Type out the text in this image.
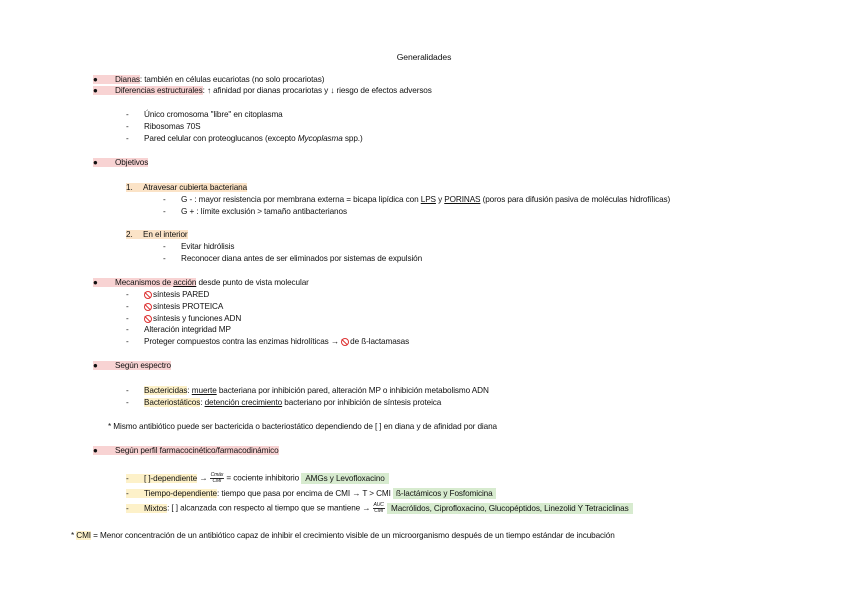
Generalidades
● Dianas: también en células eucariotas (no solo procariotas)
● Diferencias estructurales: ↑ afinidad por dianas procariotas y ↓ riesgo de efectos adversos
- Único cromosoma "libre" en citoplasma
- Ribosomas 70S
- Pared celular con proteoglucanos (excepto Mycoplasma spp.)
● Objetivos
1. Atravesar cubierta bacteriana
- G - : mayor resistencia por membrana externa = bicapa lipídica con LPS y PORINAS (poros para difusión pasiva de moléculas hidrofílicas)
- G + : límite exclusión > tamaño antibacterianos
2. En el interior
- Evitar hidrólisis
- Reconocer diana antes de ser eliminados por sistemas de expulsión
● Mecanismos de acción desde punto de vista molecular
-	síntesis PARED
-	síntesis PROTEICA
-	síntesis y funciones ADN
- Alteración integridad MP
- Proteger compuestos contra las enzimas hidrolíticas → de ß-lactamasas
● Según espectro
- Bactericidas: muerte bacteriana por inhibición pared, alteración MP o inhibición metabolismo ADN
- Bacteriostáticos: detención crecimiento bacteriano por inhibición de síntesis proteica
* Mismo antibiótico puede ser bactericida o bacteriostático dependiendo de [ ] en diana y de afinidad por diana
● Según perfil farmacocinético/farmacodinámico
- [ ]-dependiente → $\frac{\text{Cmáx}}{\text{CMI}}$ = cociente inhibitorio AMGs y Levofloxacino
- Tiempo-dependiente: tiempo que pasa por encima de CMI → T > CMI ß-lactámicos y Fosfomicina
- Mixtos: [ ] alcanzada con respecto al tiempo que se mantiene → $\frac{\text{AUC}}{\text{CMI}}$ Macrólidos, Ciprofloxacino, Glucopéptidos, Linezolid Y Tetraciclinas
* CMI = Menor concentración de un antibiótico capaz de inhibir el crecimiento visible de un microorganismo después de un tiempo estándar de incubación
